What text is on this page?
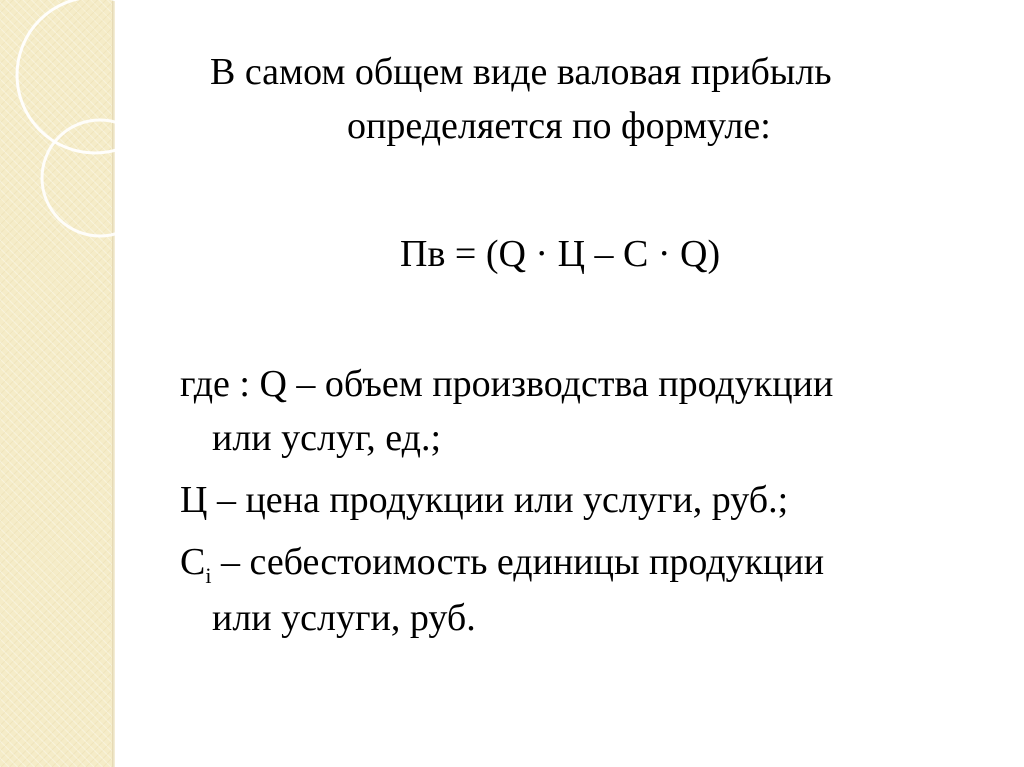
В самом общем виде валовая прибыль

определяется по формуле:

Пв = (Q · Ц – С · Q)

где : Q – объем производства продукции

или услуг, ед.;

Ц – цена продукции или услуги, руб.;

$С_i$ – себестоимость единицы продукции

или услуги, руб.
